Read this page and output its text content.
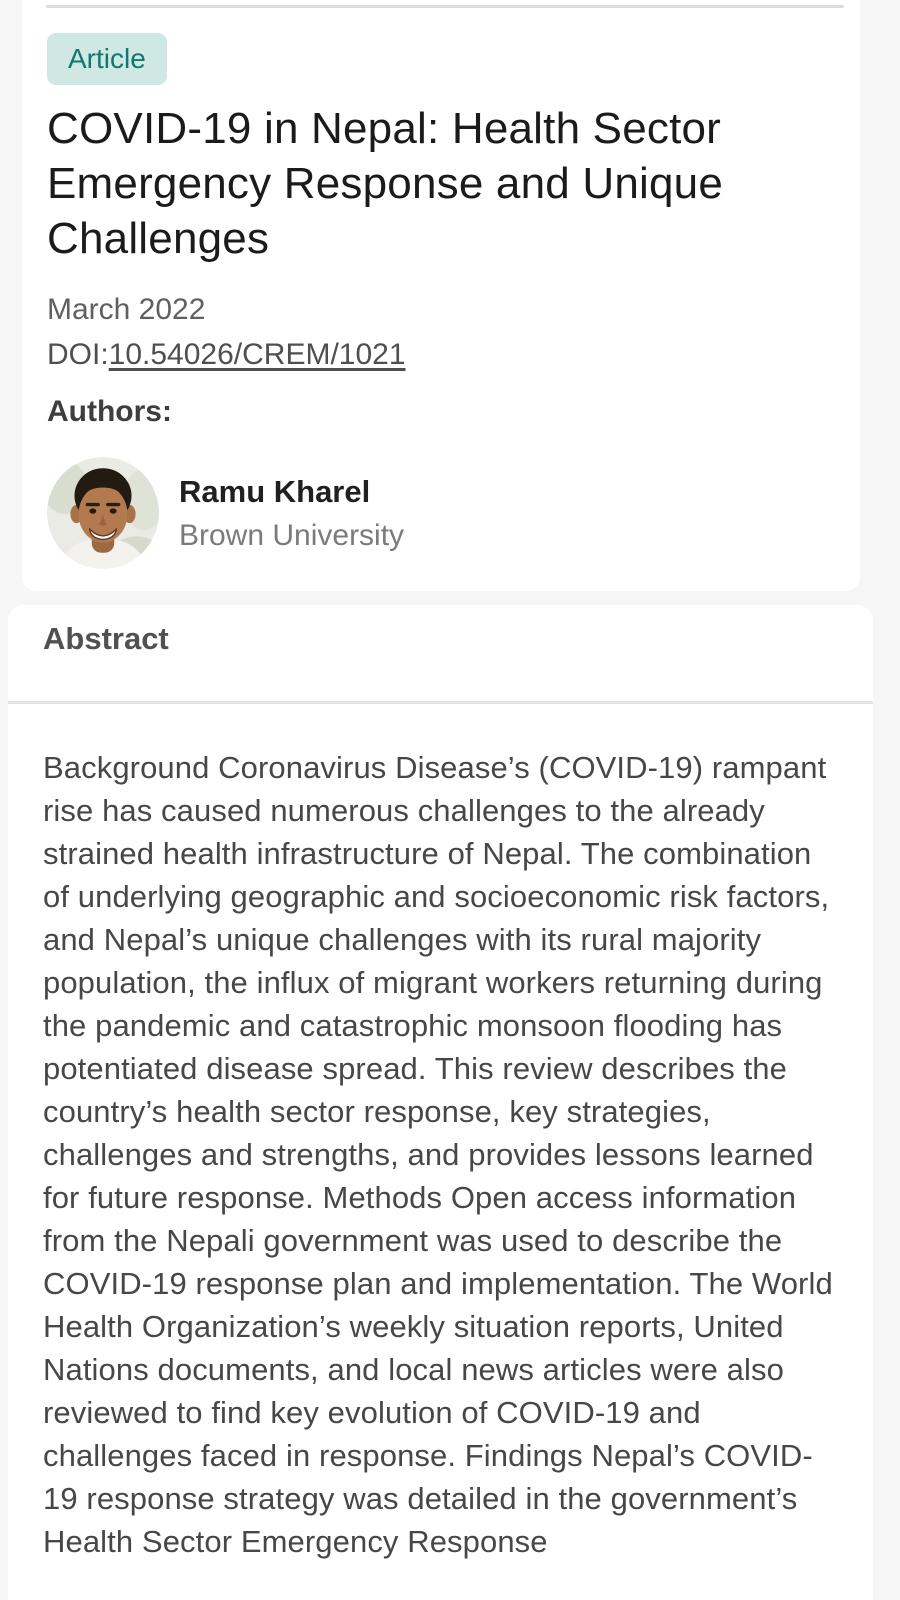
Article
COVID-19 in Nepal: Health Sector Emergency Response and Unique Challenges
March 2022
DOI:10.54026/CREM/1021
Authors:
Ramu Kharel
Brown University
Abstract

Background Coronavirus Disease’s (COVID-19) rampant rise has caused numerous challenges to the already strained health infrastructure of Nepal. The combination of underlying geographic and socioeconomic risk factors, and Nepal’s unique challenges with its rural majority population, the influx of migrant workers returning during the pandemic and catastrophic monsoon flooding has potentiated disease spread. This review describes the country’s health sector response, key strategies, challenges and strengths, and provides lessons learned for future response. Methods Open access information from the Nepali government was used to describe the COVID-19 response plan and implementation. The World Health Organization’s weekly situation reports, United Nations documents, and local news articles were also reviewed to find key evolution of COVID-19 and challenges faced in response. Findings Nepal’s COVID-19 response strategy was detailed in the government’s Health Sector Emergency Response
